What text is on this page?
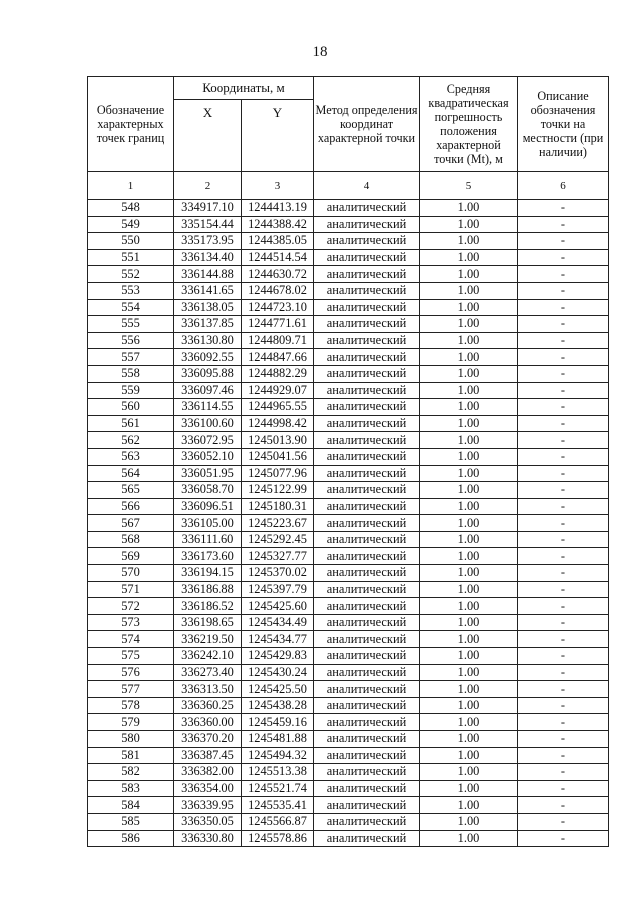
18
Обозначение характерных точек границ	Координаты, м		Метод определения координат характерной точки	Средняя квадратическая погрешность положения характерной точки (Mt), м	Описание обозначения точки на местности (при наличии)
	X	Y			
1	2	3	4	5	6
548	334917.10	1244413.19	аналитический	1.00	-
549	335154.44	1244388.42	аналитический	1.00	-
550	335173.95	1244385.05	аналитический	1.00	-
551	336134.40	1244514.54	аналитический	1.00	-
552	336144.88	1244630.72	аналитический	1.00	-
553	336141.65	1244678.02	аналитический	1.00	-
554	336138.05	1244723.10	аналитический	1.00	-
555	336137.85	1244771.61	аналитический	1.00	-
556	336130.80	1244809.71	аналитический	1.00	-
557	336092.55	1244847.66	аналитический	1.00	-
558	336095.88	1244882.29	аналитический	1.00	-
559	336097.46	1244929.07	аналитический	1.00	-
560	336114.55	1244965.55	аналитический	1.00	-
561	336100.60	1244998.42	аналитический	1.00	-
562	336072.95	1245013.90	аналитический	1.00	-
563	336052.10	1245041.56	аналитический	1.00	-
564	336051.95	1245077.96	аналитический	1.00	-
565	336058.70	1245122.99	аналитический	1.00	-
566	336096.51	1245180.31	аналитический	1.00	-
567	336105.00	1245223.67	аналитический	1.00	-
568	336111.60	1245292.45	аналитический	1.00	-
569	336173.60	1245327.77	аналитический	1.00	-
570	336194.15	1245370.02	аналитический	1.00	-
571	336186.88	1245397.79	аналитический	1.00	-
572	336186.52	1245425.60	аналитический	1.00	-
573	336198.65	1245434.49	аналитический	1.00	-
574	336219.50	1245434.77	аналитический	1.00	-
575	336242.10	1245429.83	аналитический	1.00	-
576	336273.40	1245430.24	аналитический	1.00	-
577	336313.50	1245425.50	аналитический	1.00	-
578	336360.25	1245438.28	аналитический	1.00	-
579	336360.00	1245459.16	аналитический	1.00	-
580	336370.20	1245481.88	аналитический	1.00	-
581	336387.45	1245494.32	аналитический	1.00	-
582	336382.00	1245513.38	аналитический	1.00	-
583	336354.00	1245521.74	аналитический	1.00	-
584	336339.95	1245535.41	аналитический	1.00	-
585	336350.05	1245566.87	аналитический	1.00	-
586	336330.80	1245578.86	аналитический	1.00	-
